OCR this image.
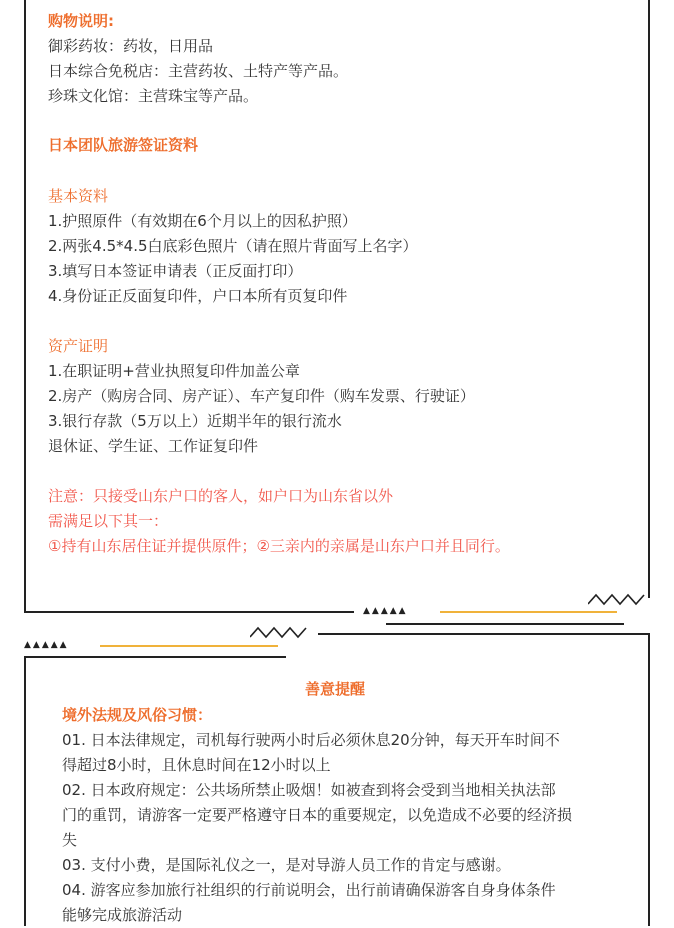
▲▲▲▲▲
▲▲▲▲▲
购物说明:
御彩药妆：药妆，日用品
日本综合免税店：主营药妆、土特产等产品。
珍珠文化馆：主营珠宝等产品。
日本团队旅游签证资料
基本资料
1.护照原件（有效期在6个月以上的因私护照）
2.两张4.5*4.5白底彩色照片（请在照片背面写上名字）
3.填写日本签证申请表（正反面打印）
4.身份证正反面复印件，户口本所有页复印件
资产证明
1.在职证明+营业执照复印件加盖公章
2.房产（购房合同、房产证）、车产复印件（购车发票、行驶证）
3.银行存款（5万以上）近期半年的银行流水
退休证、学生证、工作证复印件
注意：只接受山东户口的客人，如户口为山东省以外
需满足以下其一：
①持有山东居住证并提供原件；②三亲内的亲属是山东户口并且同行。
善意提醒
境外法规及风俗习惯：
01. 日本法律规定，司机每行驶两小时后必须休息20分钟，每天开车时间不
得超过8小时，且休息时间在12小时以上
02. 日本政府规定：公共场所禁止吸烟！如被查到将会受到当地相关执法部
门的重罚，请游客一定要严格遵守日本的重要规定，以免造成不必要的经济损
失
03. 支付小费，是国际礼仪之一，是对导游人员工作的肯定与感谢。
04. 游客应参加旅行社组织的行前说明会，出行前请确保游客自身身体条件
能够完成旅游活动
